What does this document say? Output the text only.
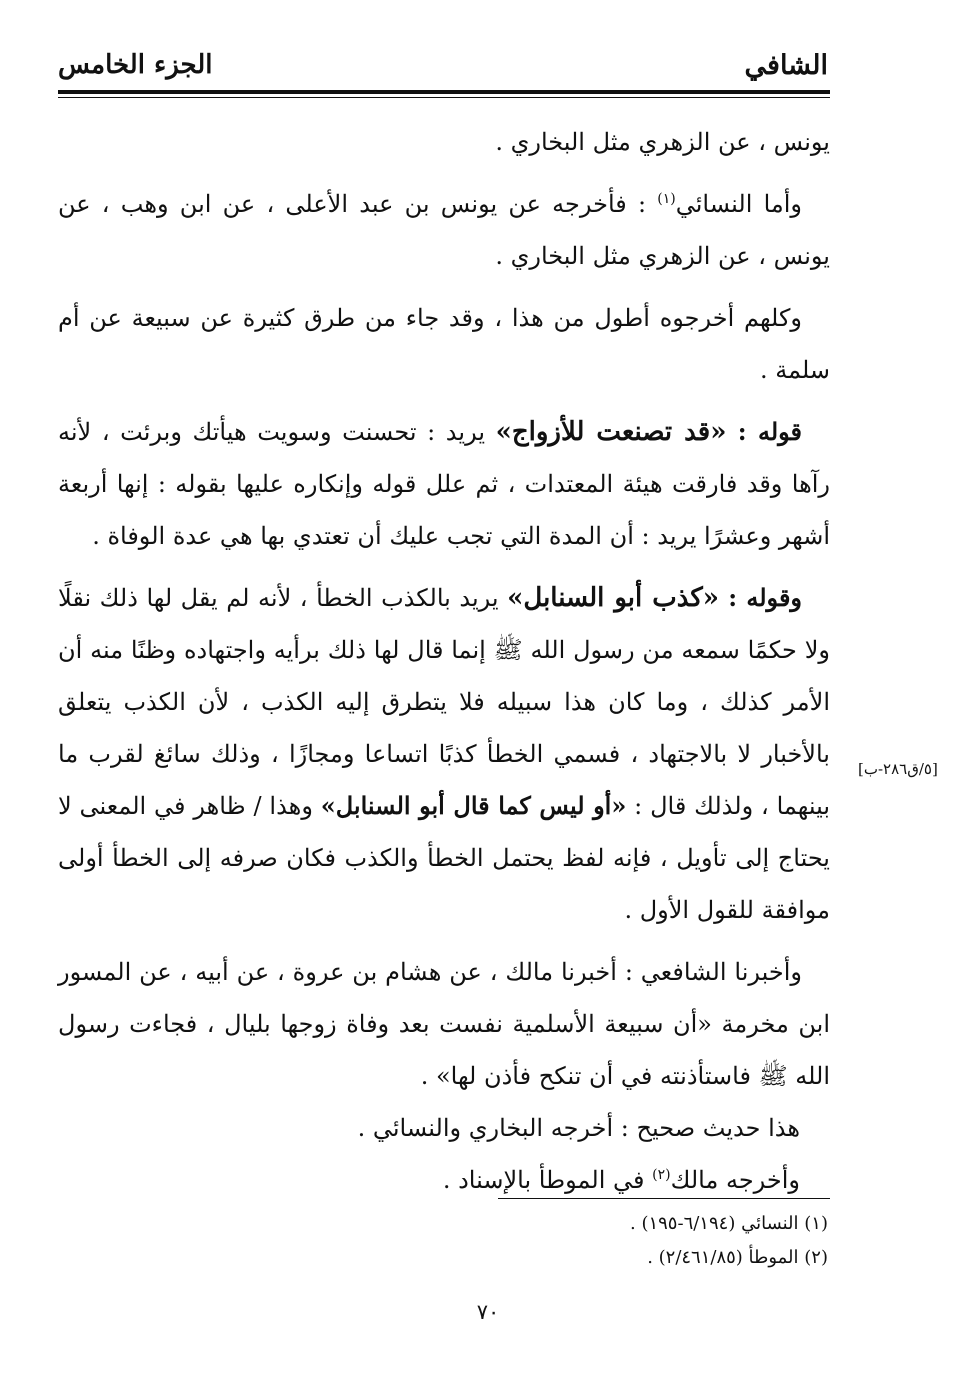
الشافي
الجزء الخامس

يونس ، عن الزهري مثل البخاري .

وأما النسائي$^{(١)}$ : فأخرجه عن يونس بن عبد الأعلى ، عن ابن وهب ، عن يونس ، عن الزهري مثل البخاري .

وكلهم أخرجوه أطول من هذا ، وقد جاء من طرق كثيرة عن سبيعة عن أم سلمة .

قوله : «قد تصنعت للأزواج» يريد : تحسنت وسويت هيأتك وبرئت ، لأنه رآها وقد فارقت هيئة المعتدات ، ثم علل قوله وإنكاره عليها بقوله : إنها أربعة أشهر وعشرًا يريد : أن المدة التي تجب عليك أن تعتدي بها هي عدة الوفاة .

وقوله : «كذب أبو السنابل» يريد بالكذب الخطأ ، لأنه لم يقل لها ذلك نقلًا ولا حكمًا سمعه من رسول الله ﷺ إنما قال لها ذلك برأيه واجتهاده وظنًا منه أن الأمر كذلك ، وما كان هذا سبيله فلا يتطرق إليه الكذب ، لأن الكذب يتعلق بالأخبار لا بالاجتهاد ، فسمي الخطأ كذبًا اتساعا ومجازًا ، وذلك سائغ لقرب ما بينهما ، ولذلك قال : «أو ليس كما قال أبو السنابل» وهذا / ظاهر في المعنى لا يحتاج إلى تأويل ، فإنه لفظ يحتمل الخطأ والكذب فكان صرفه إلى الخطأ أولى موافقة للقول الأول .

وأخبرنا الشافعي : أخبرنا مالك ، عن هشام بن عروة ، عن أبيه ، عن المسور ابن مخرمة «أن سبيعة الأسلمية نفست بعد وفاة زوجها بليال ، فجاءت رسول الله ﷺ فاستأذنته في أن تنكح فأذن لها» .

هذا حديث صحيح : أخرجه البخاري والنسائي .

وأخرجه مالك$^{(٢)}$ في الموطأ بالإسناد .

[٥/ق٢٨٦-ب]
(١) النسائي (٦/١٩٤-١٩٥) .
(٢) الموطأ (٢/٤٦١/٨٥) .
٧٠
